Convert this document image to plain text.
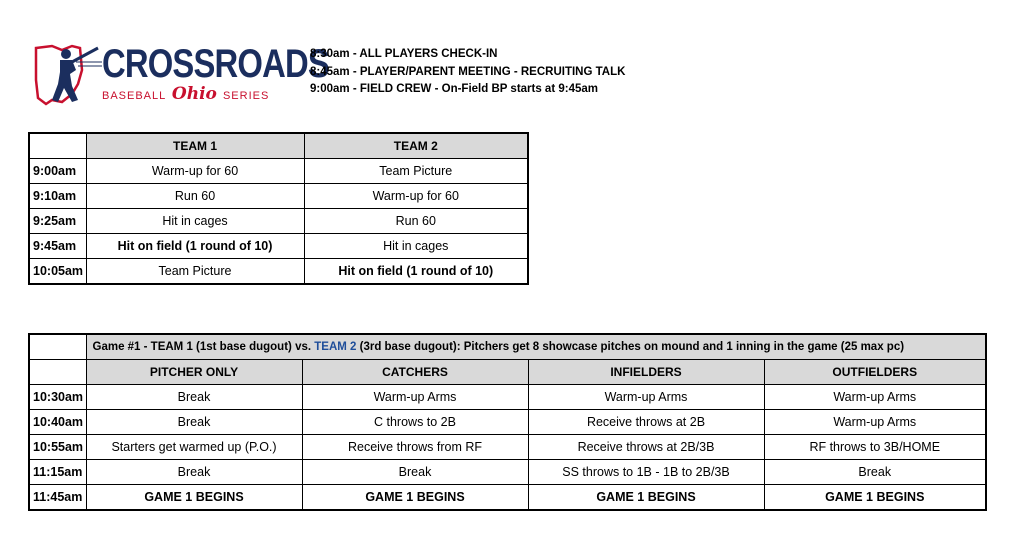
CROSSROADS
BASEBALL Ohio SERIES
8:30am - ALL PLAYERS CHECK-IN
8:45am - PLAYER/PARENT MEETING - RECRUITING TALK
9:00am - FIELD CREW - On-Field BP starts at 9:45am
	TEAM 1	TEAM 2
9:00am	Warm-up for 60	Team Picture
9:10am	Run 60	Warm-up for 60
9:25am	Hit in cages	Run 60
9:45am	Hit on field (1 round of 10)	Hit in cages
10:05am	Team Picture	Hit on field (1 round of 10)
	Game #1 - TEAM 1 (1st base dugout) vs. TEAM 2 (3rd base dugout): Pitchers get 8 showcase pitches on mound and 1 inning in the game (25 max pc)			
	PITCHER ONLY	CATCHERS	INFIELDERS	OUTFIELDERS
10:30am	Break	Warm-up Arms	Warm-up Arms	Warm-up Arms
10:40am	Break	C throws to 2B	Receive throws at 2B	Warm-up Arms
10:55am	Starters get warmed up (P.O.)	Receive throws from RF	Receive throws at 2B/3B	RF throws to 3B/HOME
11:15am	Break	Break	SS throws to 1B - 1B to 2B/3B	Break
11:45am	GAME 1 BEGINS	GAME 1 BEGINS	GAME 1 BEGINS	GAME 1 BEGINS
